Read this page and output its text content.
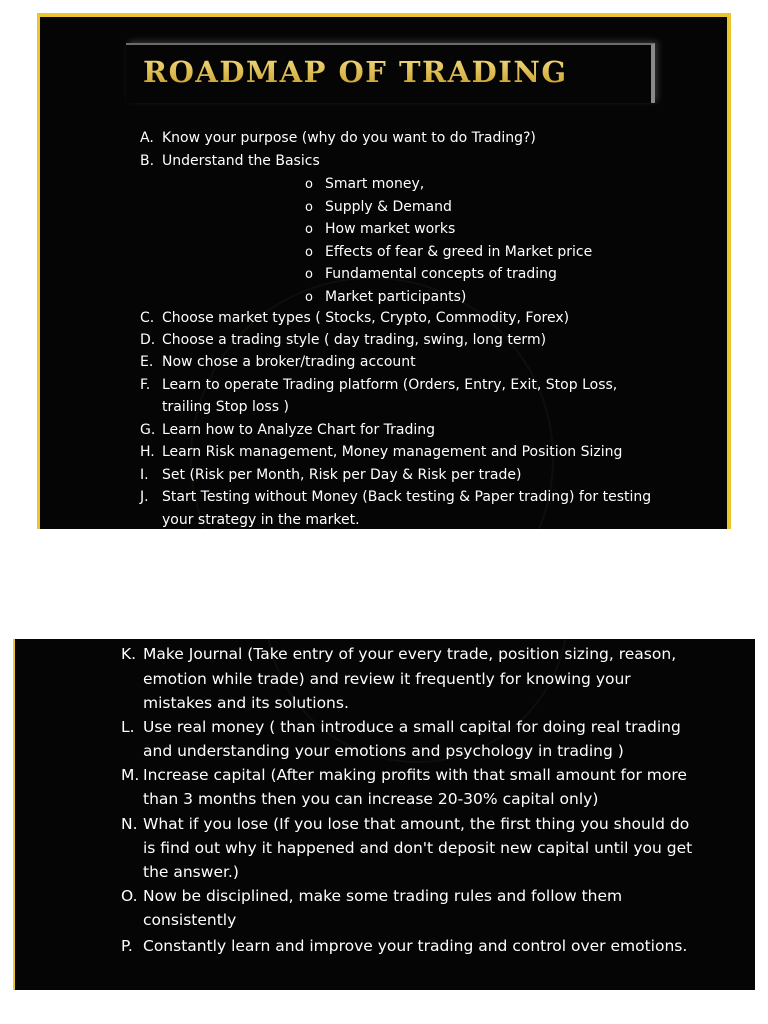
ROADMAP OF TRADING
A. Know your purpose (why do you want to do Trading?)
B. Understand the Basics
C. Choose market types ( Stocks, Crypto, Commodity, Forex)
D. Choose a trading style ( day trading, swing, long term)
E. Now chose a broker/trading account
F. Learn to operate Trading platform (Orders, Entry, Exit, Stop Loss,
trailing Stop loss )
G. Learn how to Analyze Chart for Trading
H. Learn Risk management, Money management and Position Sizing
I. Set (Risk per Month, Risk per Day & Risk per trade)
J. Start Testing without Money (Back testing & Paper trading) for testing
your strategy in the market.
o Smart money,
o Supply & Demand
o How market works
o Effects of fear & greed in Market price
o Fundamental concepts of trading
o Market participants)
K. Make Journal (Take entry of your every trade, position sizing, reason,
emotion while trade) and review it frequently for knowing your
mistakes and its solutions.
L. Use real money ( than introduce a small capital for doing real trading
and understanding your emotions and psychology in trading )
M. Increase capital (After making profits with that small amount for more
than 3 months then you can increase 20-30% capital only)
N. What if you lose (If you lose that amount, the first thing you should do
is find out why it happened and don't deposit new capital until you get
the answer.)
O. Now be disciplined, make some trading rules and follow them
consistently
P. Constantly learn and improve your trading and control over emotions.
